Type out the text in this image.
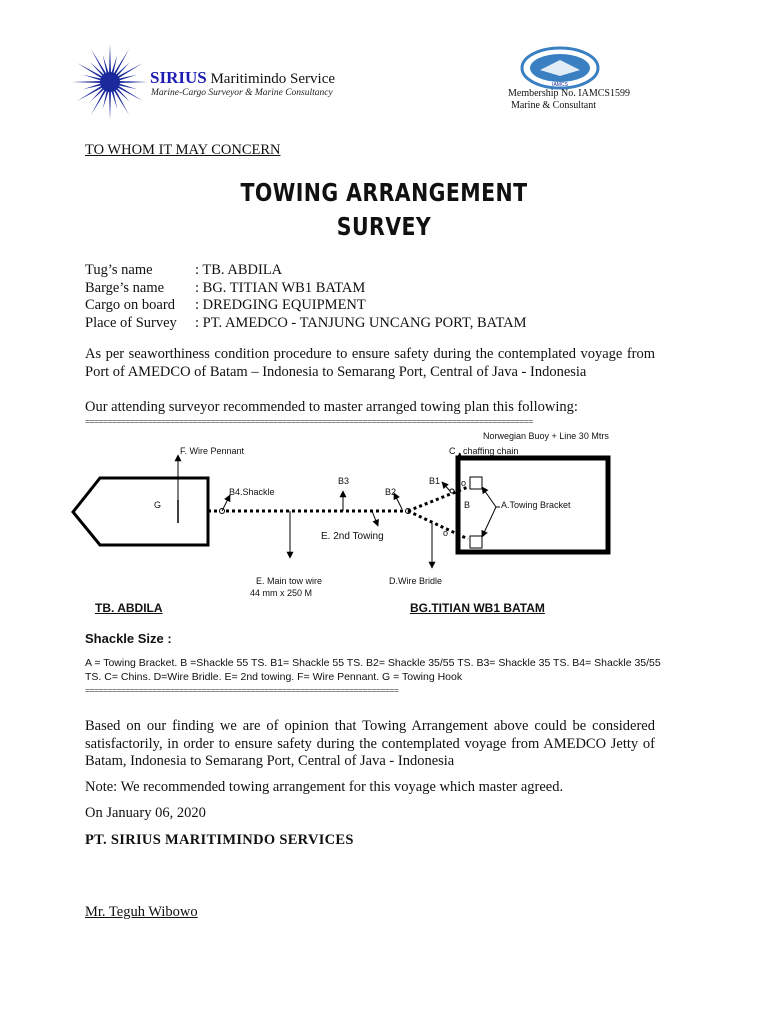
SIRIUS Maritimindo Service
Marine-Cargo Surveyor & Marine Consultancy
IAMCS
Membership No. IAMCS1599
Marine & Consultant
TO WHOM IT MAY CONCERN
TOWING ARRANGEMENT
SURVEY
Tug’s name	: TB. ABDILA
Barge’s name	: BG. TITIAN WB1 BATAM
Cargo on board	: DREDGING EQUIPMENT
Place of Survey	: PT. AMEDCO - TANJUNG UNCANG PORT, BATAM
As per seaworthiness condition procedure to ensure safety during the contemplated voyage from Port of AMEDCO of Batam – Indonesia to Semarang Port, Central of Java - Indonesia
Our attending surveyor recommended to master arranged towing plan this following:
====================================================================================================
Norwegian Buoy + Line 30 Mtrs
C . chaffing chain
F. Wire Pennant
B4.Shackle
G
B3
B2
B1
B
o
o
A.Towing Bracket
E. 2nd Towing
E. Main tow wire
44 mm x 250 M
D.Wire Bridle
TB. ABDILA	BG.TITIAN WB1 BATAM
Shackle Size :
A = Towing Bracket. B =Shackle 55 TS. B1= Shackle 55 TS. B2= Shackle 35/55 TS. B3= Shackle 35 TS. B4= Shackle 35/55 TS. C= Chins. D=Wire Bridle. E= 2nd towing. F= Wire Pennant. G = Towing Hook
======================================================================
Based on our finding we are of opinion that Towing Arrangement above could be considered satisfactorily, in order to ensure safety during the contemplated voyage from AMEDCO Jetty of Batam, Indonesia to Semarang Port, Central of Java - Indonesia
Note: We recommended towing arrangement for this voyage which master agreed.
On January 06, 2020
PT. SIRIUS MARITIMINDO SERVICES
Mr. Teguh Wibowo
